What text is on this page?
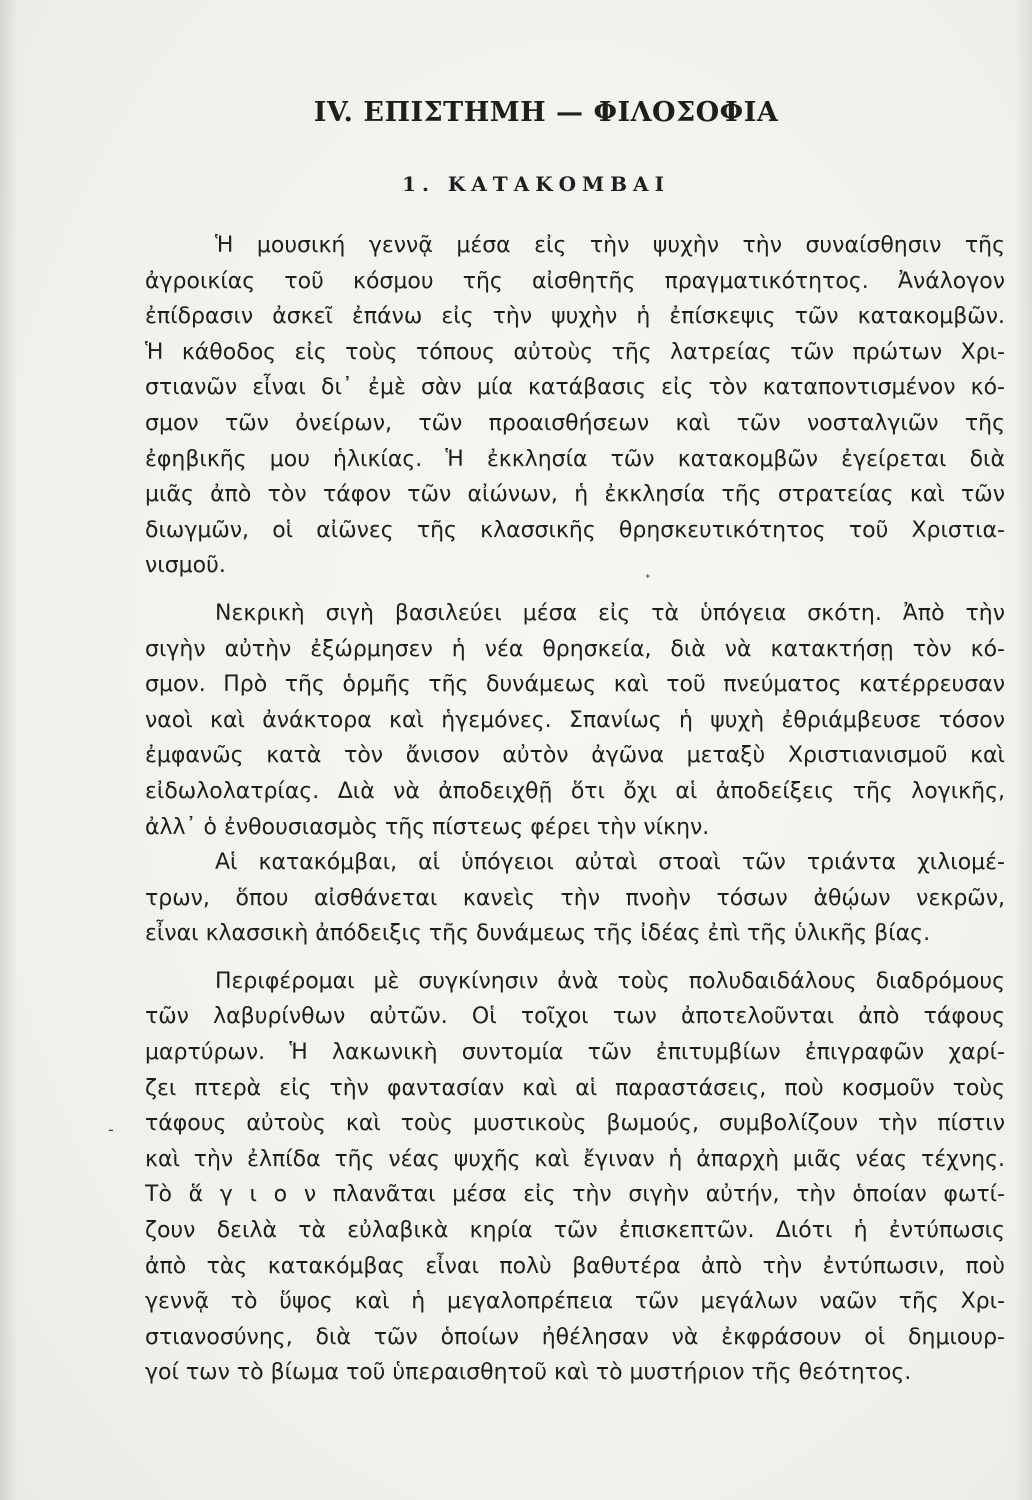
IV. ΕΠΙΣΤΗΜΗ — ΦΙΛΟΣΟΦΙΑ
1. ΚΑΤΑΚΟΜΒΑΙ
Ἡ μουσική γεννᾷ μέσα εἰς τὴν ψυχὴν τὴν συναίσθησιν τῆς
ἀγροικίας τοῦ κόσμου τῆς αἰσθητῆς πραγματικότητος. Ἀνάλογον
ἐπίδρασιν ἀσκεῖ ἐπάνω εἰς τὴν ψυχὴν ἡ ἐπίσκεψις τῶν κατακομβῶν.
Ἡ κάθοδος εἰς τοὺς τόπους αὐτοὺς τῆς λατρείας τῶν πρώτων Χρι-
στιανῶν εἶναι δι᾽ ἐμὲ σὰν μία κατάβασις εἰς τὸν καταποντισμένον κό-
σμον τῶν ὀνείρων, τῶν προαισθήσεων καὶ τῶν νοσταλγιῶν τῆς
ἐφηβικῆς μου ἡλικίας. Ἡ ἐκκλησία τῶν κατακομβῶν ἐγείρεται διὰ
μιᾶς ἀπὸ τὸν τάφον τῶν αἰώνων, ἡ ἐκκλησία τῆς στρατείας καὶ τῶν
διωγμῶν, οἱ αἰῶνες τῆς κλασσικῆς θρησκευτικότητος τοῦ Χριστια-
νισμοῦ.
Νεκρικὴ σιγὴ βασιλεύει μέσα εἰς τὰ ὑπόγεια σκότη. Ἀπὸ τὴν
σιγὴν αὐτὴν ἐξώρμησεν ἡ νέα θρησκεία, διὰ νὰ κατακτήσῃ τὸν κό-
σμον. Πρὸ τῆς ὁρμῆς τῆς δυνάμεως καὶ τοῦ πνεύματος κατέρρευσαν
ναοὶ καὶ ἀνάκτορα καὶ ἡγεμόνες. Σπανίως ἡ ψυχὴ ἐθριάμβευσε τόσον
ἐμφανῶς κατὰ τὸν ἄνισον αὐτὸν ἀγῶνα μεταξὺ Χριστιανισμοῦ καὶ
εἰδωλολατρίας. Διὰ νὰ ἀποδειχθῇ ὅτι ὄχι αἱ ἀποδείξεις τῆς λογικῆς,
ἀλλ᾽ ὁ ἐνθουσιασμὸς τῆς πίστεως φέρει τὴν νίκην.
Αἱ κατακόμβαι, αἱ ὑπόγειοι αὐταὶ στοαὶ τῶν τριάντα χιλιομέ-
τρων, ὅπου αἰσθάνεται κανεὶς τὴν πνοὴν τόσων ἀθῴων νεκρῶν,
εἶναι κλασσικὴ ἀπόδειξις τῆς δυνάμεως τῆς ἰδέας ἐπὶ τῆς ὑλικῆς βίας.
Περιφέρομαι μὲ συγκίνησιν ἀνὰ τοὺς πολυδαιδάλους διαδρόμους
τῶν λαβυρίνθων αὐτῶν. Οἱ τοῖχοι των ἀποτελοῦνται ἀπὸ τάφους
μαρτύρων. Ἡ λακωνικὴ συντομία τῶν ἐπιτυμβίων ἐπιγραφῶν χαρί-
ζει πτερὰ εἰς τὴν φαντασίαν καὶ αἱ παραστάσεις, ποὺ κοσμοῦν τοὺς
τάφους αὐτοὺς καὶ τοὺς μυστικοὺς βωμούς, συμβολίζουν τὴν πίστιν
καὶ τὴν ἐλπίδα τῆς νέας ψυχῆς καὶ ἔγιναν ἡ ἀπαρχὴ μιᾶς νέας τέχνης.
Τὸ ἅ γ ι ο ν πλανᾶται μέσα εἰς τὴν σιγὴν αὐτήν, τὴν ὁποίαν φωτί-
ζουν δειλὰ τὰ εὐλαβικὰ κηρία τῶν ἐπισκεπτῶν. Διότι ἡ ἐντύπωσις
ἀπὸ τὰς κατακόμβας εἶναι πολὺ βαθυτέρα ἀπὸ τὴν ἐντύπωσιν, ποὺ
γεννᾷ τὸ ὕψος καὶ ἡ μεγαλοπρέπεια τῶν μεγάλων ναῶν τῆς Χρι-
στιανοσύνης, διὰ τῶν ὁποίων ἠθέλησαν νὰ ἐκφράσουν οἱ δημιουρ-
γοί των τὸ βίωμα τοῦ ὑπεραισθητοῦ καὶ τὸ μυστήριον τῆς θεότητος.
ᐩ
-
